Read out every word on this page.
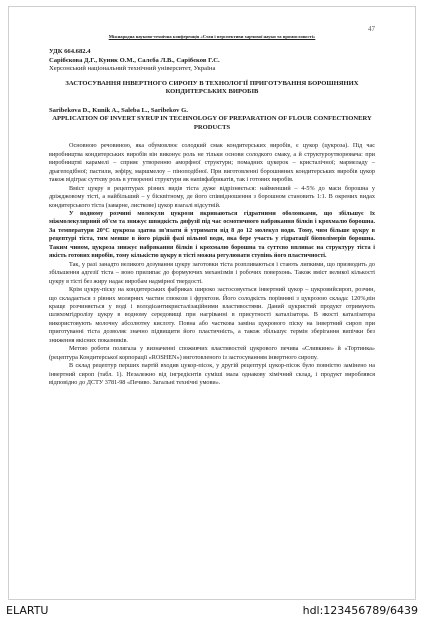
47
Міжнародна науково-технічна конференція «Стан і перспективи харчової науки та промисловості»
УДК 664.682.4
Сарібєкова Д.Г., Куник О.М., Салєба Л.В., Сарібєков Г.С.
Херсонський національний технічний університет, Україна
ЗАСТОСУВАННЯ ІНВЕРТНОГО СИРОПУ В ТЕХНОЛОГІЇ ПРИГОТУВАННЯ БОРОШНЯНИХ КОНДИТЕРСЬКИХ ВИРОБІВ
Saribekova D., Kunik A., Saleba L., Saribekov G.
APPLICATION OF INVERT SYRUP IN TECHNOLOGY OF PREPARATION OF FLOUR CONFECTIONERY PRODUCTS

Основною речовиною, яка обумовлює солодкий смак кондитерських виробів, є цукор (цукроза). Під час виробництва кондитерських виробів він виконує роль не тільки основи солодкого смаку, а й структуроутворювача: при виробництві карамелі – сприяє утворенню аморфної структури; помадних цукерок – кристалічної; мармеладу – драгеподібної; пастили, зефіру, маршмелоу – піноподібної. При виготовленні борошняних кондитерських виробів цукор також відіграє суттєву роль в утворенні структури як напівфабрикатів, так і готових виробів.

Вміст цукру в рецептурах різних видів тіста дуже відрізняється: найменший – 4-5% до маси борошна у дріжджовому тісті, а найбільший – у бісквітному, де його співвідношення з борошном становить 1:1. В окремих видах кондитерського тіста (заварне, листкове) цукор взагалі відсутній.

У водному розчині молекули цукрози вкриваються гідратними оболонками, що збільшує їх міжмолекулярний об'єм та знижує швидкість дифузії під час осмотичного набрякання білків і крохмалю борошна. За температури 20°С цукроза здатна зв'язати й утримати від 8 до 12 молекул води. Тому, чим більше цукру в рецептурі тіста, тим менше в його рідкій фазі вільної води, яка бере участь у гідратації біополімерів борошна. Таким чином, цукроза знижує набрякання білків і крохмалю борошна та суттєво впливає на структуру тіста і якість готових виробів, тому кількістю цукру в тісті можна регулювати ступінь його пластичності.

Так, у разі занадто великого дозування цукру заготовки тіста розпливаються і стають липкими, що призводить до збільшення адгезії тіста – воно прилипає до формуючих механізмів і робочих поверхонь. Також вміст великої кількості цукру в тісті без жиру надає виробам надмірної твердості.

Крім цукру-піску на кондитерських фабриках широко застосовується інвертний цукор – цукровийсироп, розчин, що складається з рівних молярних частин глюкози і фруктози. Його солодкість порівняні з цукрозою склада: 120%,він краще розчиняється у воді і володієантикристалізаційними властивостями. Даний цукристий продукт отримують шляхомгідролізу цукру в водному середовищі при нагріванні в присутності каталізатора. В якості каталізатора використовують молочну абсолютну кислоту. Повна або часткова заміна цукрового піску на інвертний сироп при приготуванні тіста дозволяє значно підвищити його пластичність, а також збільшує термін зберігання випічки без зниження якісних показників.

Метою роботи полягала у визначенні споживчих властивостей цукрового печива «Сливкине» й «Тортинка» (рецептура Кондитерської корпорації «ROSHEN») виготовленого із застосуванням інвертного сиропу.

В склад рецептур перших партій входив цукор-пісок, у другій рецептурі цукор-пісок було повністю замінено на інвертний сироп (табл. 1). Незалежно від інгредієнтів суміші мала однакову хімічний склад, і продукт вироблявся відповідно до ДСТУ 3781-98 «Печиво. Загальні технічні умови».

ELARTU	hdl:123456789/6439
